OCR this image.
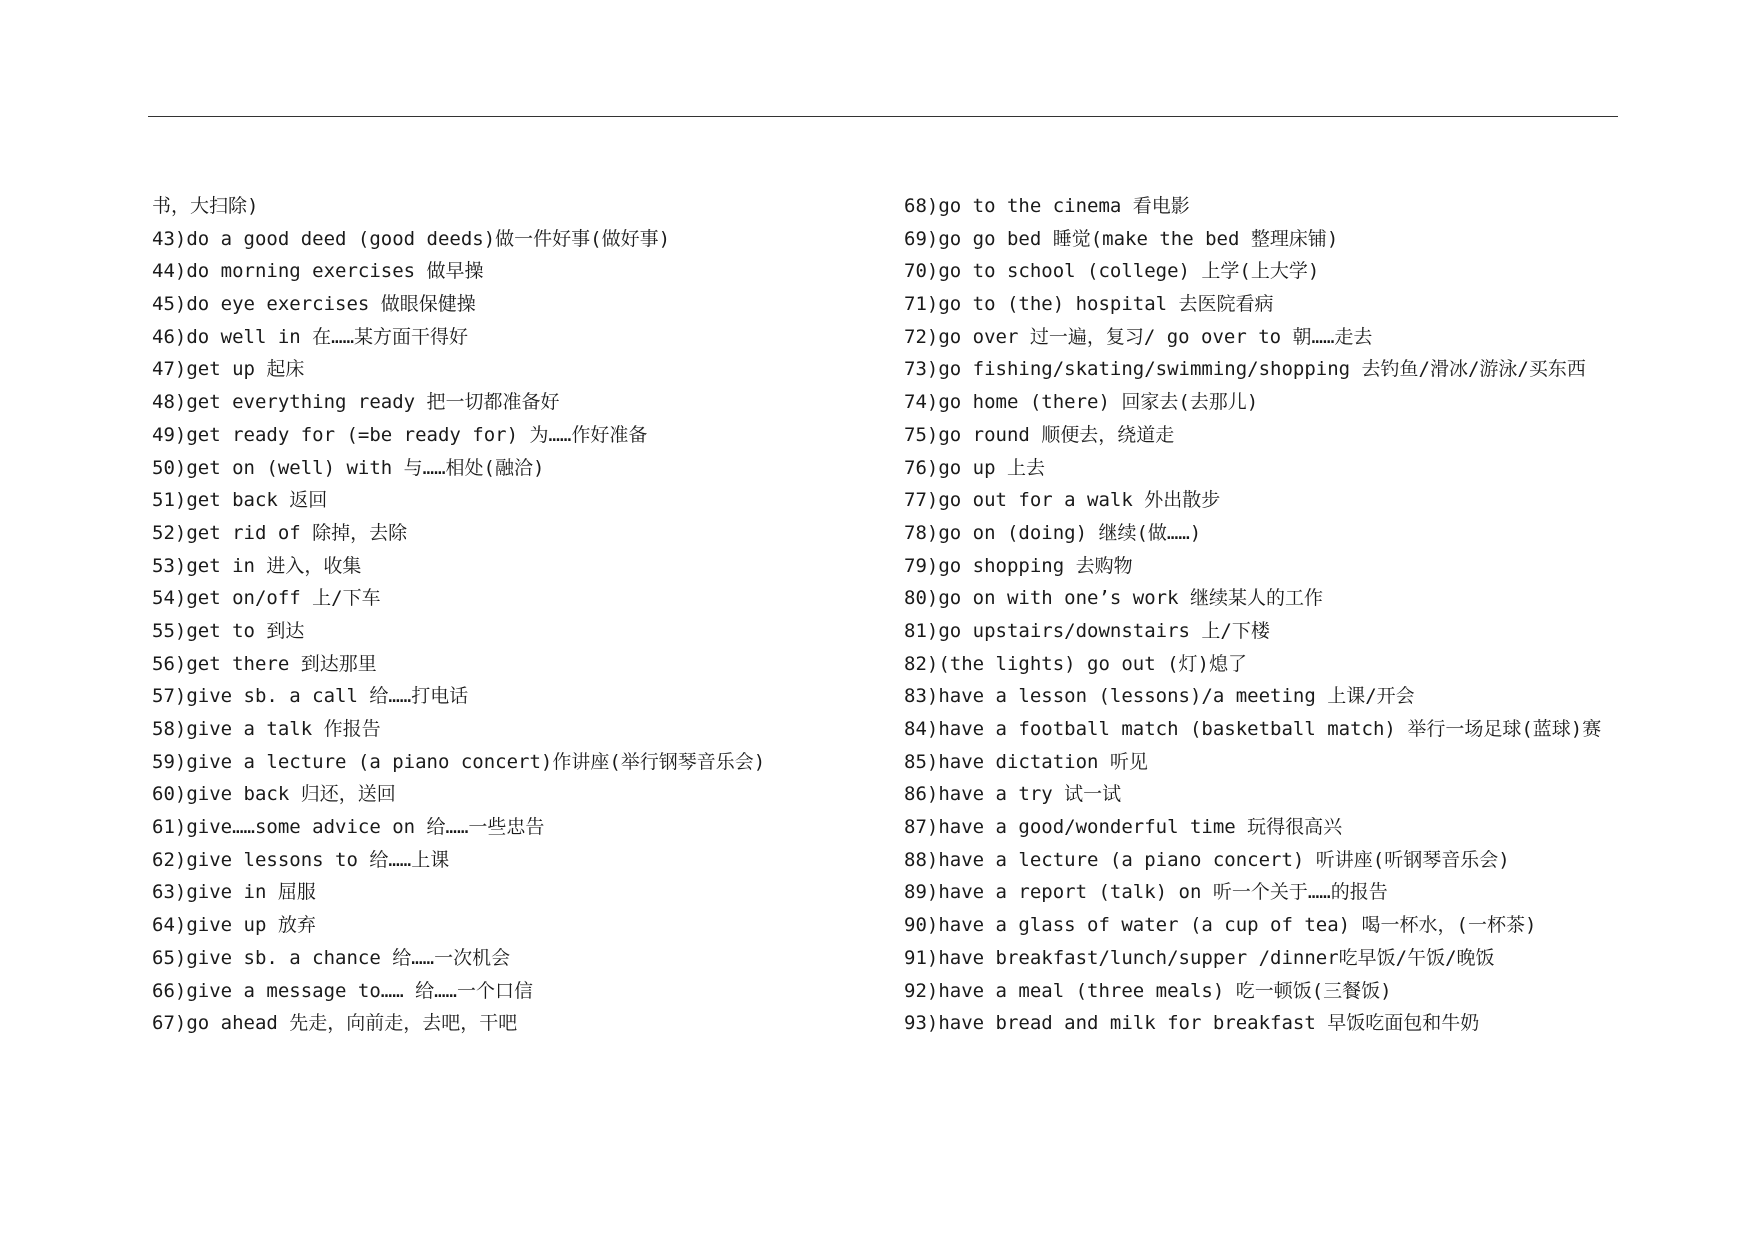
书，大扫除)
43)do a good deed (good deeds)做一件好事(做好事)
44)do morning exercises 做早操
45)do eye exercises 做眼保健操
46)do well in 在……某方面干得好
47)get up 起床
48)get everything ready 把一切都准备好
49)get ready for (=be ready for) 为……作好准备
50)get on (well) with 与……相处(融洽)
51)get back 返回
52)get rid of 除掉，去除
53)get in 进入，收集
54)get on/off 上/下车
55)get to 到达
56)get there 到达那里
57)give sb. a call 给……打电话
58)give a talk 作报告
59)give a lecture (a piano concert)作讲座(举行钢琴音乐会)
60)give back 归还，送回
61)give……some advice on 给……一些忠告
62)give lessons to 给……上课
63)give in 屈服
64)give up 放弃
65)give sb. a chance 给……一次机会
66)give a message to…… 给……一个口信
67)go ahead 先走，向前走，去吧，干吧
68)go to the cinema 看电影
69)go go bed 睡觉(make the bed 整理床铺)
70)go to school (college) 上学(上大学)
71)go to (the) hospital 去医院看病
72)go over 过一遍，复习/ go over to 朝……走去
73)go fishing/skating/swimming/shopping 去钓鱼/滑冰/游泳/买东西
74)go home (there) 回家去(去那儿)
75)go round 顺便去，绕道走
76)go up 上去
77)go out for a walk 外出散步
78)go on (doing) 继续(做……)
79)go shopping 去购物
80)go on with one’s work 继续某人的工作
81)go upstairs/downstairs 上/下楼
82)(the lights) go out (灯)熄了
83)have a lesson (lessons)/a meeting 上课/开会
84)have a football match (basketball match) 举行一场足球(蓝球)赛
85)have dictation 听见
86)have a try 试一试
87)have a good/wonderful time 玩得很高兴
88)have a lecture (a piano concert) 听讲座(听钢琴音乐会)
89)have a report (talk) on 听一个关于……的报告
90)have a glass of water (a cup of tea) 喝一杯水，(一杯茶)
91)have breakfast/lunch/supper /dinner吃早饭/午饭/晚饭
92)have a meal (three meals) 吃一顿饭(三餐饭)
93)have bread and milk for breakfast 早饭吃面包和牛奶
